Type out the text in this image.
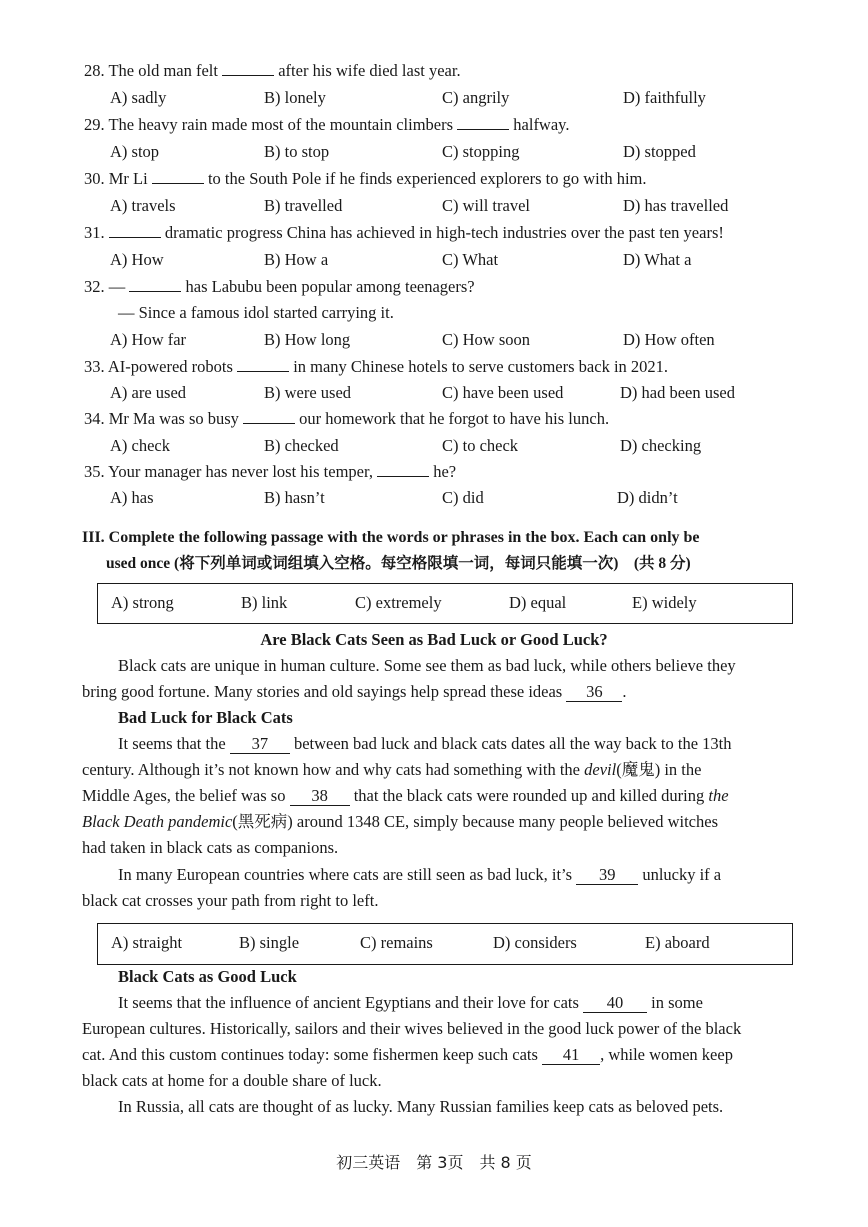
28. The old man felt	after his wife died last year.
A) sadly	B) lonely	C) angrily	D) faithfully
29. The heavy rain made most of the mountain climbers	halfway.
A) stop	B) to stop	C) stopping	D) stopped
30. Mr Li	to the South Pole if he finds experienced explorers to go with him.
A) travels	B) travelled	C) will travel	D) has travelled
31.	dramatic progress China has achieved in high-tech industries over the past ten years!
A) How	B) How a	C) What	D) What a
32. —	has Labubu been popular among teenagers?
— Since a famous idol started carrying it.
A) How far	B) How long	C) How soon	D) How often
33. AI-powered robots	in many Chinese hotels to serve customers back in 2021.
A) are used	B) were used	C) have been used	D) had been used
34. Mr Ma was so busy	our homework that he forgot to have his lunch.
A) check	B) checked	C) to check	D) checking
35. Your manager has never lost his temper,	he?
A) has	B) hasn’t	C) did	D) didn’t
III. Complete the following passage with the words or phrases in the box. Each can only be
used once (将下列单词或词组填入空格。每空格限填一词，每词只能填一次)　(共 8 分)
A) strong	B) link	C) extremely	D) equal	E) widely
Are Black Cats Seen as Bad Luck or Good Luck?
Black cats are unique in human culture. Some see them as bad luck, while others believe they
bring good fortune. Many stories and old sayings help spread these ideas 36 .
Bad Luck for Black Cats
It seems that the 37 between bad luck and black cats dates all the way back to the 13th
century. Although it’s not known how and why cats had something with the devil(魔鬼) in the
Middle Ages, the belief was so 38 that the black cats were rounded up and killed during the
Black Death pandemic(黑死病) around 1348 CE, simply because many people believed witches
had taken in black cats as companions.
In many European countries where cats are still seen as bad luck, it’s 39 unlucky if a
black cat crosses your path from right to left.
A) straight	B) single	C) remains	D) considers	E) aboard
Black Cats as Good Luck
It seems that the influence of ancient Egyptians and their love for cats 40 in some
European cultures. Historically, sailors and their wives believed in the good luck power of the black
cat. And this custom continues today: some fishermen keep such cats 41 , while women keep
black cats at home for a double share of luck.
In Russia, all cats are thought of as lucky. Many Russian families keep cats as beloved pets.
初三英语　第 3页　共 8 页
